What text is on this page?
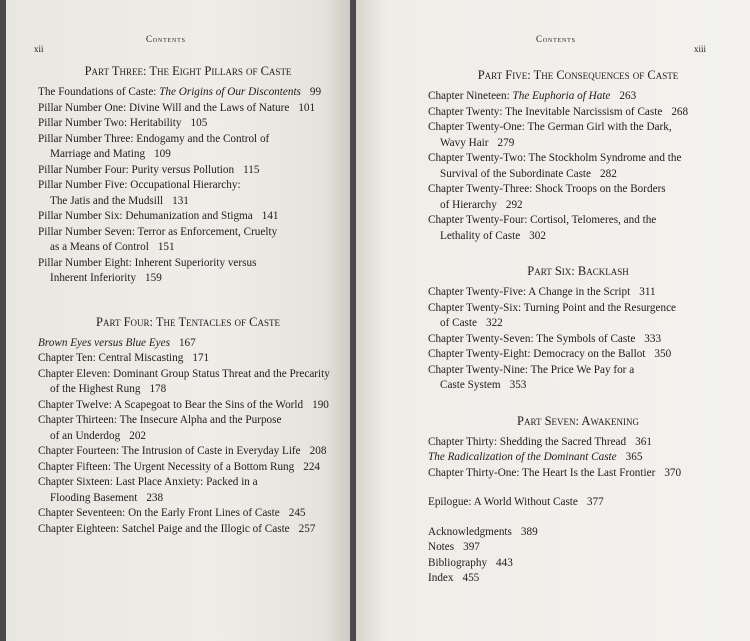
Contents
xii
Part Three: The Eight Pillars of Caste
The Foundations of Caste: The Origins of Our Discontents 99
Pillar Number One: Divine Will and the Laws of Nature 101
Pillar Number Two: Heritability 105
Pillar Number Three: Endogamy and the Control of
Marriage and Mating 109
Pillar Number Four: Purity versus Pollution 115
Pillar Number Five: Occupational Hierarchy:
The Jatis and the Mudsill 131
Pillar Number Six: Dehumanization and Stigma 141
Pillar Number Seven: Terror as Enforcement, Cruelty
as a Means of Control 151
Pillar Number Eight: Inherent Superiority versus
Inherent Inferiority 159
Part Four: The Tentacles of Caste
Brown Eyes versus Blue Eyes 167
Chapter Ten: Central Miscasting 171
Chapter Eleven: Dominant Group Status Threat and the Precarity
of the Highest Rung 178
Chapter Twelve: A Scapegoat to Bear the Sins of the World 190
Chapter Thirteen: The Insecure Alpha and the Purpose
of an Underdog 202
Chapter Fourteen: The Intrusion of Caste in Everyday Life 208
Chapter Fifteen: The Urgent Necessity of a Bottom Rung 224
Chapter Sixteen: Last Place Anxiety: Packed in a
Flooding Basement 238
Chapter Seventeen: On the Early Front Lines of Caste 245
Chapter Eighteen: Satchel Paige and the Illogic of Caste 257
Contents
xiii
Part Five: The Consequences of Caste
Chapter Nineteen: The Euphoria of Hate 263
Chapter Twenty: The Inevitable Narcissism of Caste 268
Chapter Twenty-One: The German Girl with the Dark,
Wavy Hair 279
Chapter Twenty-Two: The Stockholm Syndrome and the
Survival of the Subordinate Caste 282
Chapter Twenty-Three: Shock Troops on the Borders
of Hierarchy 292
Chapter Twenty-Four: Cortisol, Telomeres, and the
Lethality of Caste 302
Part Six: Backlash
Chapter Twenty-Five: A Change in the Script 311
Chapter Twenty-Six: Turning Point and the Resurgence
of Caste 322
Chapter Twenty-Seven: The Symbols of Caste 333
Chapter Twenty-Eight: Democracy on the Ballot 350
Chapter Twenty-Nine: The Price We Pay for a
Caste System 353
Part Seven: Awakening
Chapter Thirty: Shedding the Sacred Thread 361
The Radicalization of the Dominant Caste 365
Chapter Thirty-One: The Heart Is the Last Frontier 370
Epilogue: A World Without Caste 377
Acknowledgments 389
Notes 397
Bibliography 443
Index 455
